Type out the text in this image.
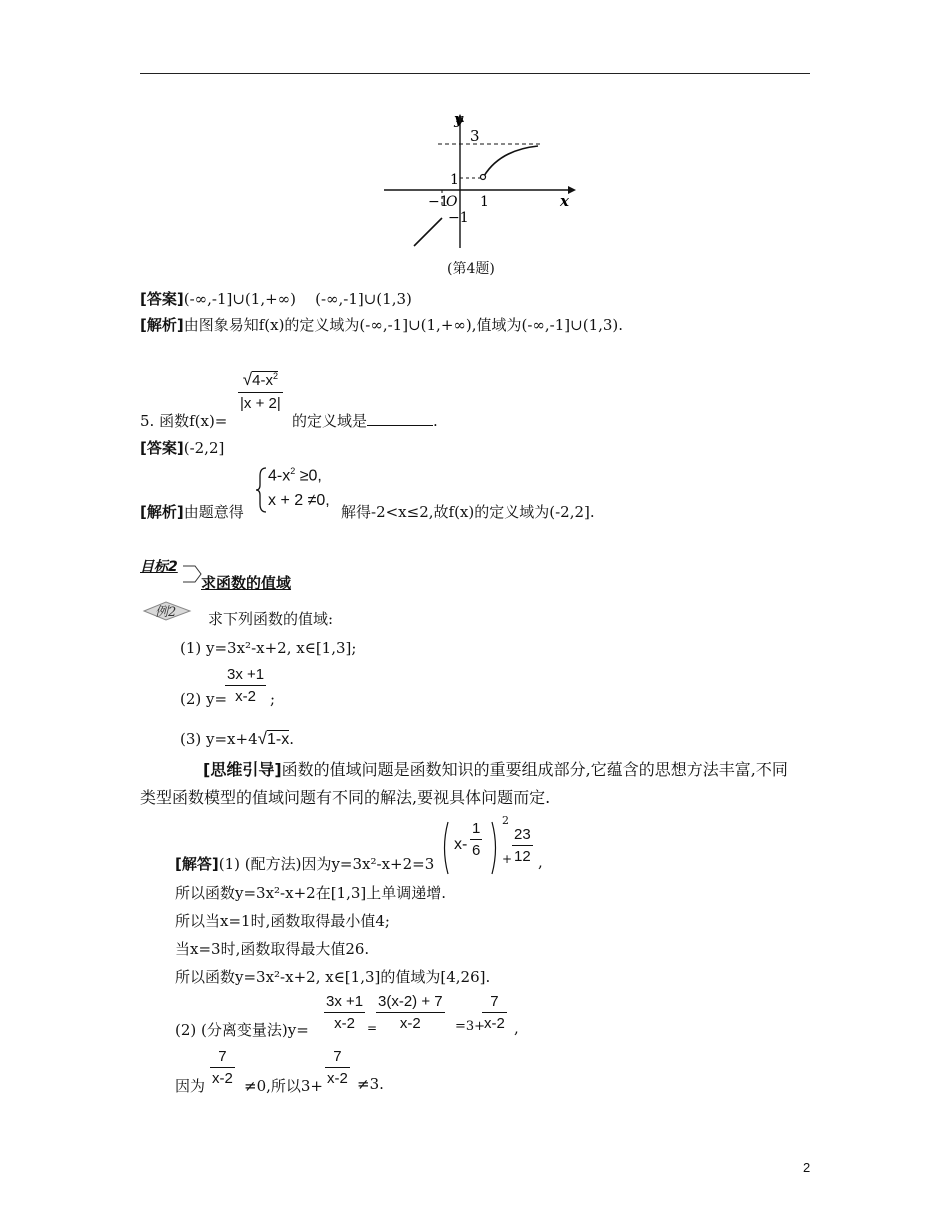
y
x
3
1
−1
O
−1
1
(第4题)
[答案](-∞,-1]∪(1,+∞)    (-∞,-1]∪(1,3)
[解析]由图象易知f(x)的定义域为(-∞,-1]∪(1,+∞),值域为(-∞,-1]∪(1,3).
5. 函数f(x)=
$√4-x^2$
|x + 2|
的定义域是	.
[答案](-2,2]
[解析]由题意得
$4-x^2 \ge 0$,
x + 2 ≠0,
解得-2<x≤2,故f(x)的定义域为(-2,2].
目标2
求函数的值域
例2 求下列函数的值域:
(1) y=3x²-x+2, x∈[1,3];
(2) y=
3x +1
x-2 ;
(3) y=x+4√1-x.
[思维引导]函数的值域问题是函数知识的重要组成部分,它蕴含的思想方法丰富,不同
类型函数模型的值域问题有不同的解法,要视具体问题而定.
[解答](1) (配方法)因为y=3x²-x+2=3
x-
1
6
2
+
23
12 ,
所以函数y=3x²-x+2在[1,3]上单调递增.
所以当x=1时,函数取得最小值4;
当x=3时,函数取得最大值26.
所以函数y=3x²-x+2, x∈[1,3]的值域为[4,26].
(2) (分离变量法)y=
3x +1
x-2	=
3(x-2) + 7
x-2	=3+
7
x-2 ,
因为
7
x-2 ≠0,所以3+
7
x-2 ≠3.
2
